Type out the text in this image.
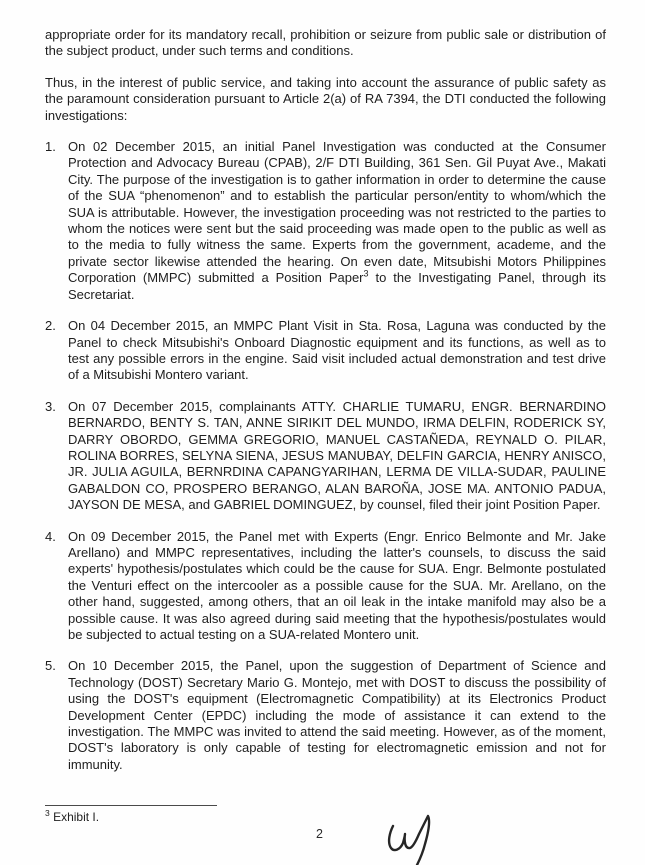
appropriate order for its mandatory recall, prohibition or seizure from public sale or distribution of the subject product, under such terms and conditions.

Thus, in the interest of public service, and taking into account the assurance of public safety as the paramount consideration pursuant to Article 2(a) of RA 7394, the DTI conducted the following investigations:

1. On 02 December 2015, an initial Panel Investigation was conducted at the Consumer Protection and Advocacy Bureau (CPAB), 2/F DTI Building, 361 Sen. Gil Puyat Ave., Makati City. The purpose of the investigation is to gather information in order to determine the cause of the SUA “phenomenon” and to establish the particular person/entity to whom/which the SUA is attributable. However, the investigation proceeding was not restricted to the parties to whom the notices were sent but the said proceeding was made open to the public as well as to the media to fully witness the same. Experts from the government, academe, and the private sector likewise attended the hearing. On even date, Mitsubishi Motors Philippines Corporation (MMPC) submitted a Position Paper$^3$ to the Investigating Panel, through its Secretariat.
2. On 04 December 2015, an MMPC Plant Visit in Sta. Rosa, Laguna was conducted by the Panel to check Mitsubishi's Onboard Diagnostic equipment and its functions, as well as to test any possible errors in the engine. Said visit included actual demonstration and test drive of a Mitsubishi Montero variant.
3. On 07 December 2015, complainants ATTY. CHARLIE TUMARU, ENGR. BERNARDINO BERNARDO, BENTY S. TAN, ANNE SIRIKIT DEL MUNDO, IRMA DELFIN, RODERICK SY, DARRY OBORDO, GEMMA GREGORIO, MANUEL CASTAÑEDA, REYNALD O. PILAR, ROLINA BORRES, SELYNA SIENA, JESUS MANUBAY, DELFIN GARCIA, HENRY ANISCO, JR. JULIA AGUILA, BERNRDINA CAPANGYARIHAN, LERMA DE VILLA-SUDAR, PAULINE GABALDON CO, PROSPERO BERANGO, ALAN BAROÑA, JOSE MA. ANTONIO PADUA, JAYSON DE MESA, and GABRIEL DOMINGUEZ, by counsel, filed their joint Position Paper.
4. On 09 December 2015, the Panel met with Experts (Engr. Enrico Belmonte and Mr. Jake Arellano) and MMPC representatives, including the latter's counsels, to discuss the said experts' hypothesis/postulates which could be the cause for SUA. Engr. Belmonte postulated the Venturi effect on the intercooler as a possible cause for the SUA. Mr. Arellano, on the other hand, suggested, among others, that an oil leak in the intake manifold may also be a possible cause. It was also agreed during said meeting that the hypothesis/postulates would be subjected to actual testing on a SUA-related Montero unit.
5. On 10 December 2015, the Panel, upon the suggestion of Department of Science and Technology (DOST) Secretary Mario G. Montejo, met with DOST to discuss the possibility of using the DOST's equipment (Electromagnetic Compatibility) at its Electronics Product Development Center (EPDC) including the mode of assistance it can extend to the investigation. The MMPC was invited to attend the said meeting. However, as of the moment, DOST's laboratory is only capable of testing for electromagnetic emission and not for immunity.
$^3$ Exhibit I.
2
